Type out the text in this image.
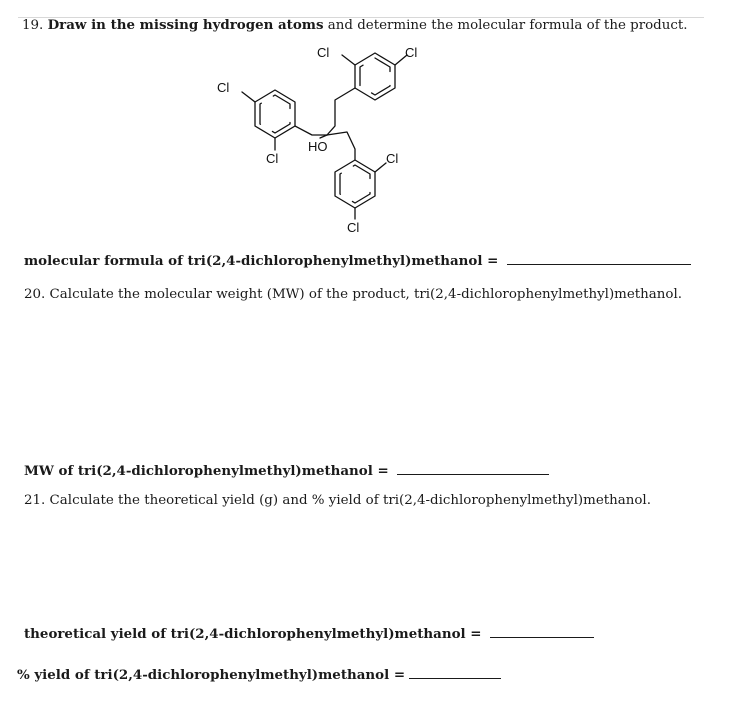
19. Draw in the missing hydrogen atoms and determine the molecular formula of the product.
Cl	Cl
Cl
Cl
HO
Cl
Cl
molecular formula of tri(2,4-dichlorophenylmethyl)methanol =
20. Calculate the molecular weight (MW) of the product, tri(2,4-dichlorophenylmethyl)methanol.
MW of tri(2,4-dichlorophenylmethyl)methanol =
21. Calculate the theoretical yield (g) and % yield of tri(2,4-dichlorophenylmethyl)methanol.
theoretical yield of tri(2,4-dichlorophenylmethyl)methanol =
% yield of tri(2,4-dichlorophenylmethyl)methanol =
